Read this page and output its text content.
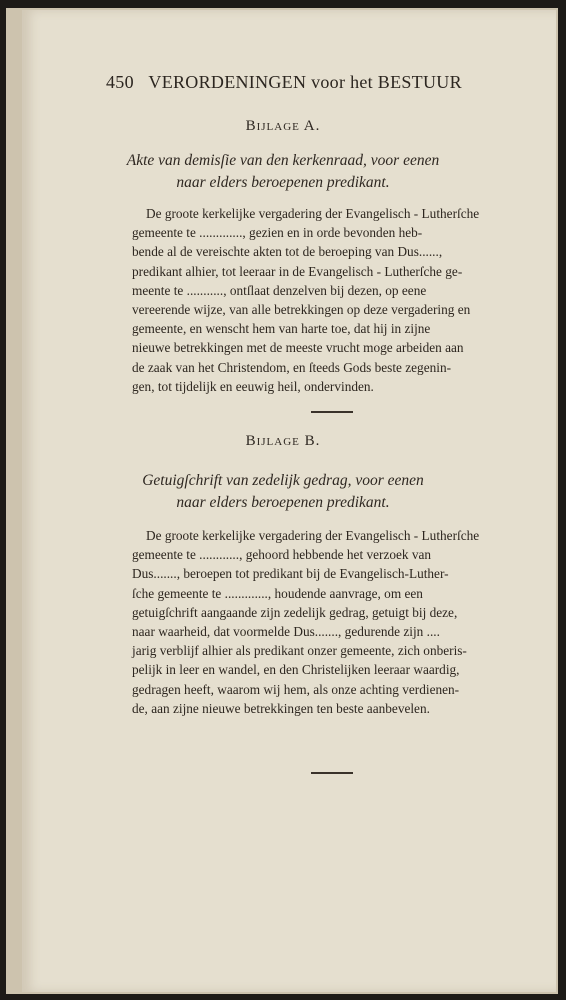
450 VERORDENINGEN voor het BESTUUR
Bijlage A.
Akte van demisſie van den kerkenraad, voor eenen
naar elders beroepenen predikant.
De groote kerkelijke vergadering der Evangelisch - Lutherſche
gemeente te ............., gezien en in orde bevonden heb-
bende al de vereischte akten tot de beroeping van Dus......,
predikant alhier, tot leeraar in de Evangelisch - Lutherſche ge-
meente te ..........., ontſlaat denzelven bij dezen, op eene
vereerende wijze, van alle betrekkingen op deze vergadering en
gemeente, en wenscht hem van harte toe, dat hij in zijne
nieuwe betrekkingen met de meeste vrucht moge arbeiden aan
de zaak van het Christendom, en ſteeds Gods beste zegenin-
gen, tot tijdelijk en eeuwig heil, ondervinden.
Bijlage B.
Getuigſchrift van zedelijk gedrag, voor eenen
naar elders beroepenen predikant.
De groote kerkelijke vergadering der Evangelisch - Lutherſche
gemeente te ............, gehoord hebbende het verzoek van
Dus......., beroepen tot predikant bij de Evangelisch-Luther-
ſche gemeente te ............., houdende aanvrage, om een
getuigſchrift aangaande zijn zedelijk gedrag, getuigt bij deze,
naar waarheid, dat voormelde Dus......., gedurende zijn ....
jarig verblijf alhier als predikant onzer gemeente, zich onberis-
pelijk in leer en wandel, en den Christelijken leeraar waardig,
gedragen heeft, waarom wij hem, als onze achting verdienen-
de, aan zijne nieuwe betrekkingen ten beste aanbevelen.
